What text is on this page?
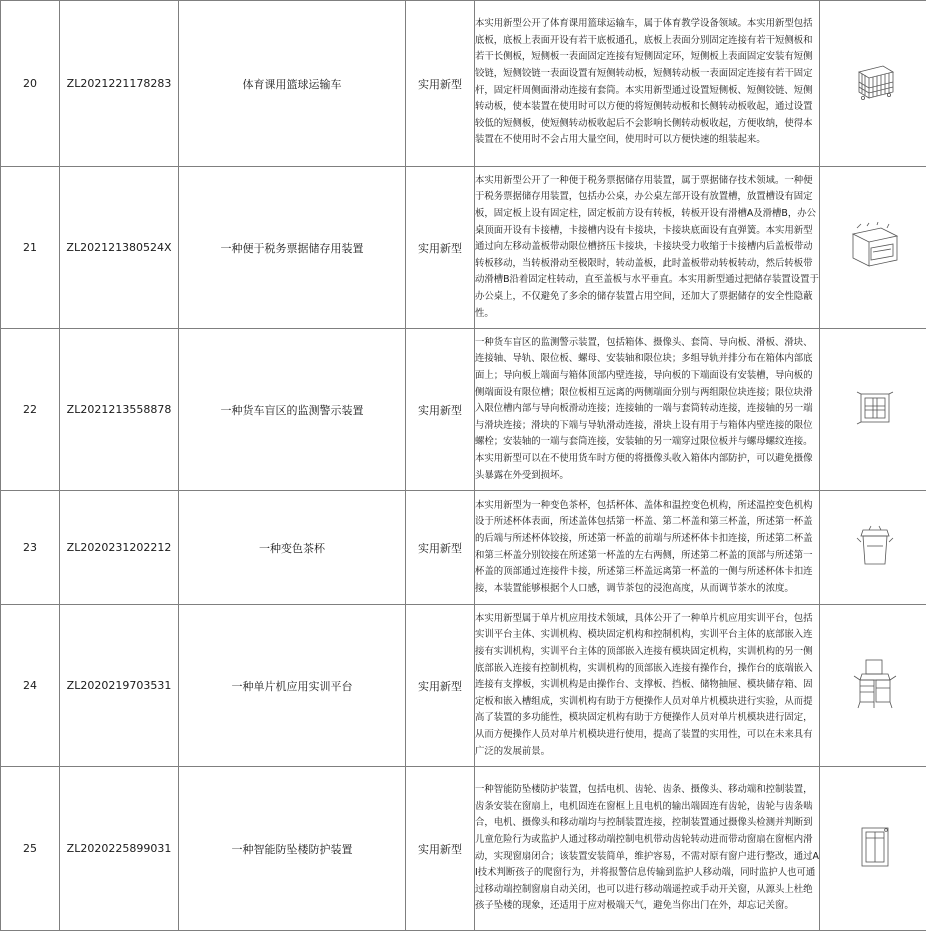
20	ZL2021221178283	体育课用篮球运输车	实用新型	本实用新型公开了体育课用篮球运输车，属于体育教学设备领域。本实用新型包括底板，底板上表面开设有若干底板通孔，底板上表面分别固定连接有若干短侧板和若干长侧板，短侧板一表面固定连接有短侧固定环，短侧板上表面固定安装有短侧铰链，短侧铰链一表面设置有短侧转动板，短侧转动板一表面固定连接有若干固定杆，固定杆周侧面滑动连接有套筒。本实用新型通过设置短侧板、短侧铰链、短侧转动板，使本装置在使用时可以方便的将短侧转动板和长侧转动板收起，通过设置较低的短侧板，使短侧转动板收起后不会影响长侧转动板收起，方便收纳，使得本装置在不使用时不会占用大量空间，使用时可以方便快速的组装起来。

21	ZL202121380524X	一种便于税务票据储存用装置	实用新型	本实用新型公开了一种便于税务票据储存用装置，属于票据储存技术领域。一种便于税务票据储存用装置，包括办公桌，办公桌左部开设有放置槽，放置槽设有固定板，固定板上设有固定柱，固定板前方设有转板，转板开设有滑槽A及滑槽B，办公桌顶面开设有卡接槽，卡接槽内设有卡接块，卡接块底面设有直弹簧。本实用新型通过向左移动盖板带动限位槽挤压卡接块，卡接块受力收缩于卡接槽内后盖板带动转板移动，当转板滑动至极限时，转动盖板，此时盖板带动转板转动，然后转板带动滑槽B沿着固定柱转动，直至盖板与水平垂直。本实用新型通过把储存装置设置于办公桌上，不仅避免了多余的储存装置占用空间，还加大了票据储存的安全性隐蔽性。

22	ZL2021213558878	一种货车盲区的监测警示装置	实用新型	一种货车盲区的监测警示装置，包括箱体、摄像头、套筒、导向板、滑板、滑块、连接轴、导轨、限位板、螺母、安装轴和限位块；多组导轨并排分布在箱体内部底面上；导向板上端面与箱体顶部内壁连接，导向板的下端面设有安装槽，导向板的侧端面设有限位槽；限位板相互远离的两侧端面分别与两组限位块连接；限位块滑入限位槽内部与导向板滑动连接；连接轴的一端与套筒转动连接，连接轴的另一端与滑块连接；滑块的下端与导轨滑动连接，滑块上设有用于与箱体内壁连接的限位螺栓；安装轴的一端与套筒连接，安装轴的另一端穿过限位板并与螺母螺纹连接。本实用新型可以在不使用货车时方便的将摄像头收入箱体内部防护，可以避免摄像头暴露在外受到损坏。

23	ZL2020231202212	一种变色茶杯	实用新型	本实用新型为一种变色茶杯，包括杯体、盖体和温控变色机构，所述温控变色机构设于所述杯体表面，所述盖体包括第一杯盖、第二杯盖和第三杯盖，所述第一杯盖的后端与所述杯体铰接，所述第一杯盖的前端与所述杯体卡扣连接，所述第二杯盖和第三杯盖分别铰接在所述第一杯盖的左右两侧，所述第二杯盖的顶部与所述第一杯盖的顶部通过连接件卡接，所述第三杯盖远离第一杯盖的一侧与所述杯体卡扣连接，本装置能够根据个人口感，调节茶包的浸泡高度，从而调节茶水的浓度。

24	ZL2020219703531	一种单片机应用实训平台	实用新型	本实用新型属于单片机应用技术领域，具体公开了一种单片机应用实训平台，包括实训平台主体、实训机构、模块固定机构和控制机构，实训平台主体的底部嵌入连接有实训机构，实训平台主体的顶部嵌入连接有模块固定机构，实训机构的另一侧底部嵌入连接有控制机构，实训机构的顶部嵌入连接有操作台，操作台的底端嵌入连接有支撑板，实训机构是由操作台、支撑板、挡板、储物抽屉、模块储存箱、固定板和嵌入槽组成，实训机构有助于方便操作人员对单片机模块进行实验，从而提高了装置的多功能性，模块固定机构有助于方便操作人员对单片机模块进行固定，从而方便操作人员对单片机模块进行使用，提高了装置的实用性，可以在未来具有广泛的发展前景。

25	ZL2020225899031	一种智能防坠楼防护装置	实用新型	一种智能防坠楼防护装置，包括电机、齿轮、齿条、摄像头、移动端和控制装置，齿条安装在窗扇上，电机固连在窗框上且电机的输出端固连有齿轮，齿轮与齿条啮合，电机、摄像头和移动端均与控制装置连接，控制装置通过摄像头检测并判断到儿童危险行为或监护人通过移动端控制电机带动齿轮转动进而带动窗扇在窗框内滑动，实现窗扇闭合；该装置安装简单，维护容易，不需对原有窗户进行整改，通过AI技术判断孩子的爬窗行为，并将报警信息传输到监护人移动端，同时监护人也可通过移动端控制窗扇自动关闭，也可以进行移动端遥控或手动开关窗，从源头上杜绝孩子坠楼的现象，还适用于应对极端天气，避免当你出门在外，却忘记关窗。
